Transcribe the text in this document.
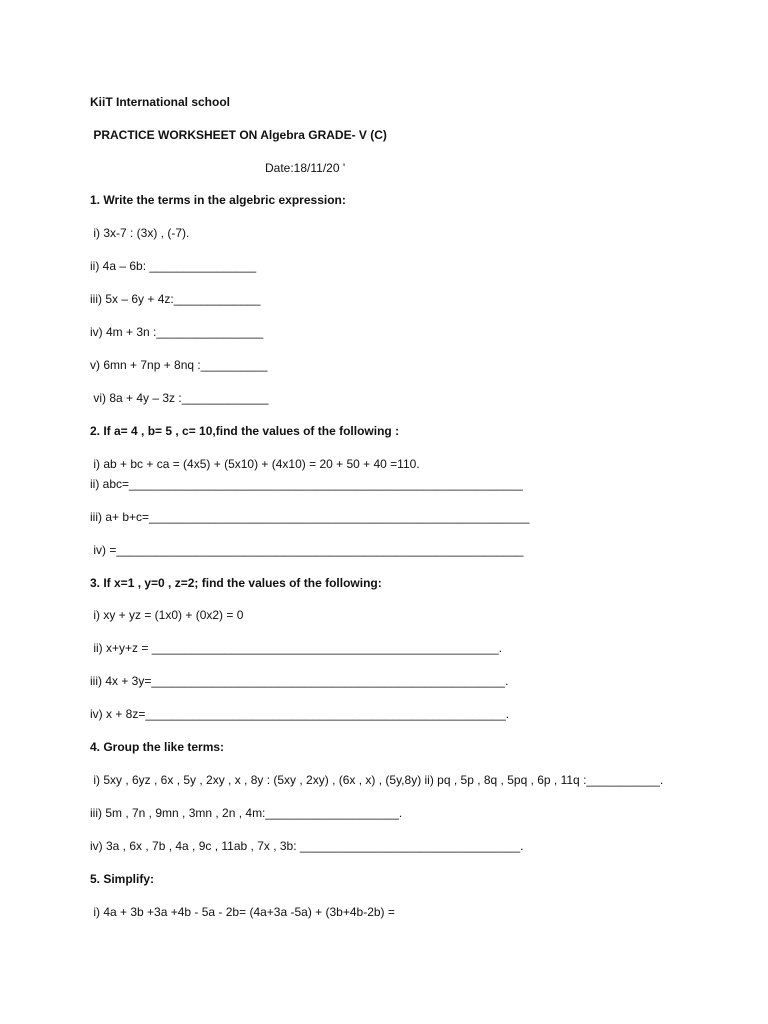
KiiT International school
PRACTICE WORKSHEET ON Algebra GRADE- V (C)
Date:18/11/20 '
1. Write the terms in the algebric expression:
i) 3x-7 : (3x) , (-7).
ii) 4a – 6b: ________________
iii) 5x – 6y + 4z:_____________
iv) 4m + 3n :________________
v) 6mn + 7np + 8nq :__________
vi) 8a + 4y – 3z :_____________
2. If a= 4 , b= 5 , c= 10,find the values of the following :
i) ab + bc + ca = (4x5) + (5x10) + (4x10) = 20 + 50 + 40 =110.
ii) abc=___________________________________________________________
iii) a+ b+c=_________________________________________________________
iv) =_____________________________________________________________
3. If x=1 , y=0 , z=2; find the values of the following:
i) xy + yz = (1x0) + (0x2) = 0
ii) x+y+z = ____________________________________________________.
iii) 4x + 3y=_____________________________________________________.
iv) x + 8z=______________________________________________________.
4. Group the like terms:
i) 5xy , 6yz , 6x , 5y , 2xy , x , 8y : (5xy , 2xy) , (6x , x) , (5y,8y) ii) pq , 5p , 8q , 5pq , 6p , 11q :___________.
iii) 5m , 7n , 9mn , 3mn , 2n , 4m:____________________.
iv) 3a , 6x , 7b , 4a , 9c , 11ab , 7x , 3b: _________________________________.
5. Simplify:
i) 4a + 3b +3a +4b - 5a - 2b= (4a+3a -5a) + (3b+4b-2b) =
